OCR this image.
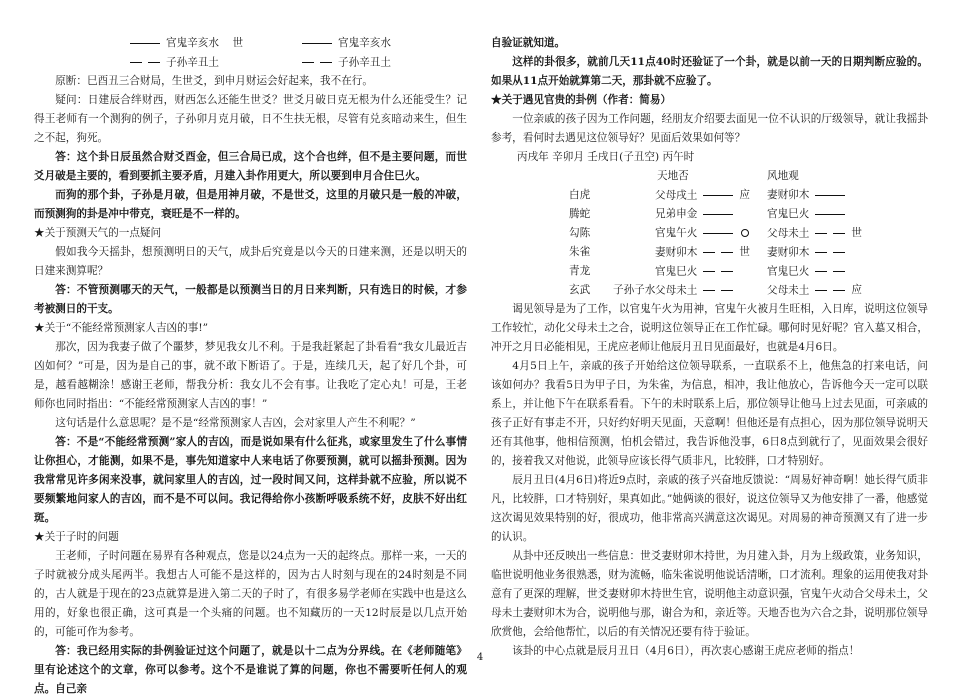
官鬼辛亥水 世	官鬼辛亥水
子孙辛丑土	子孙辛丑土

原断：巳酉丑三合财局，生世爻，到申月财运会好起来，我不在行。

疑问：日建辰合绊财西，财西怎么还能生世爻？世爻月破日克无根为什么还能受生？记得王老师有一个测狗的例子，子孙卯月克月破，日不生扶无根，尽管有兑亥暗动来生，但生之不起，狗死。

答：这个卦日辰虽然合财爻酉金，但三合局已成，这个合也绊，但不是主要问题，而世爻月破是主要的，看到要抓主要矛盾，月建入卦作用更大，所以要到申月合住巳火。

而狗的那个卦，子孙是月破，但是用神月破，不是世爻，这里的月破只是一般的冲破，而预测狗的卦是冲中带克，衰旺是不一样的。

★关于预测天气的一点疑问

假如我今天摇卦，想预测明日的天气，成卦后究竟是以今天的日建来测，还是以明天的日建来测算呢？

答：不管预测哪天的天气，一般都是以预测当日的月日来判断，只有选日的时候，才参考被测日的干支。

★关于“不能经常预测家人吉凶的事!”

那次，因为我妻子做了个噩梦，梦见我女儿不利。于是我赶紧起了卦看看“我女儿最近吉凶如何？”可是，因为是自己的事，就不敢下断语了。于是，连续几天，起了好几个卦，可是，越看越糊涂！感谢王老师，帮我分析：我女儿不会有事。让我吃了定心丸！可是，王老师你也同时指出：“不能经常预测家人吉凶的事！”

这句话是什么意思呢？是不是“经常预测家人吉凶，会对家里人产生不利呢？”

答：不是“不能经常预测”家人的吉凶，而是说如果有什么征兆，或家里发生了什么事情让你担心，才能测，如果不是，事先知道家中人来电话了你要预测，就可以摇卦预测。因为我常常见许多闲来没事，就问家里人的吉凶，过一段时间又问，这样卦就不应验，所以说不要频繁地问家人的吉凶，而不是不可以问。我记得给你小孩断呼吸系统不好，皮肤不好出红斑。

★关于子时的问题

王老师，子时问题在易界有各种观点，您是以24点为一天的起终点。那样一来，一天的子时就被分成头尾两半。我想古人可能不是这样的，因为古人时刻与现在的24时刻是不同的，古人就是于现在的23点就算是进入第二天的子时了，有很多易学老师在实践中也是这么用的，好象也很正确，这可真是一个头痛的问题。也不知藏历的一天12时辰是以几点开始的，可能可作为参考。

答：我已经用实际的卦例验证过这个问题了，就是以十二点为分界线。在《老师随笔》里有论述这个的文章，你可以参考。这个不是谁说了算的问题，你也不需要听任何人的观点。自己亲

自验证就知道。

这样的卦很多，就前几天11点40时还验证了一个卦，就是以前一天的日期判断应验的。如果从11点开始就算第二天，那卦就不应验了。

★关于遇见官贵的卦例（作者：简易）

一位亲戚的孩子因为工作问题，经朋友介绍要去面见一位不认识的厅级领导，就让我摇卦参考，看何时去遇见这位领导好？见面后效果如何等？

丙戌年 辛卯月 壬戌日(子丑空) 丙午时
天地否	风地观
白虎	父母戌土	应 妻财卯木
腾蛇	兄弟申金	官鬼巳火
勾陈	官鬼午火	父母未土	世
朱雀	妻财卯木	世 妻财卯木
青龙	官鬼巳火	官鬼巳火
玄武 子孙子水 父母未土	父母未土	应

谒见领导是为了工作，以官鬼午火为用神，官鬼午火被月生旺相，入日库，说明这位领导工作较忙，动化父母未土之合，说明这位领导正在工作忙碌。哪何时见好呢？官入墓又相合，冲开之月日必能相见，王虎应老师让他辰月丑日见面最好，也就是4月6日。

4月5日上午，亲戚的孩子开始给这位领导联系，一直联系不上，他焦急的打来电话，问该如何办？我看5日为甲子日，为朱雀，为信息，相冲，我让他放心，告诉他今天一定可以联系上，并让他下午在联系看看。下午的未时联系上后，那位领导让他马上过去见面，可亲戚的孩子正好有事走不开，只好约好明天见面，天意啊！但他还是有点担心，因为那位领导说明天还有其他事，他相信预测，怕机会错过，我告诉他没事，6日8点到就行了，见面效果会很好的，接着我又对他说，此领导应该长得气质非凡，比较胖，口才特别好。

辰月丑日(4月6日)将近9点时，亲戚的孩子兴奋地反馈说：“周易好神奇啊！她长得气质非凡，比较胖，口才特别好，果真如此。”她俩谈的很好，说这位领导又为他安排了一番，他感觉这次谒见效果特别的好，很成功，他非常高兴满意这次谒见。对周易的神奇预测又有了进一步的认识。

从卦中还反映出一些信息：世爻妻财卯木持世，为月建入卦，月为上级政策，业务知识，临世说明他业务很熟悉，财为流畅，临朱雀说明他说话清晰，口才流利。理象的运用使我对卦意有了更深的理解，世爻妻财卯木持世生官，说明他主动意识强，官鬼午火动合父母未土，父母未土妻财卯木为合，说明他与那，谢合为和，亲近等。天地否也为六合之卦，说明那位领导欣赏他，会给他帮忙，以后的有关情况还要有待于验证。

该卦的中心点就是辰月丑日（4月6日），再次衷心感谢王虎应老师的指点！

4
